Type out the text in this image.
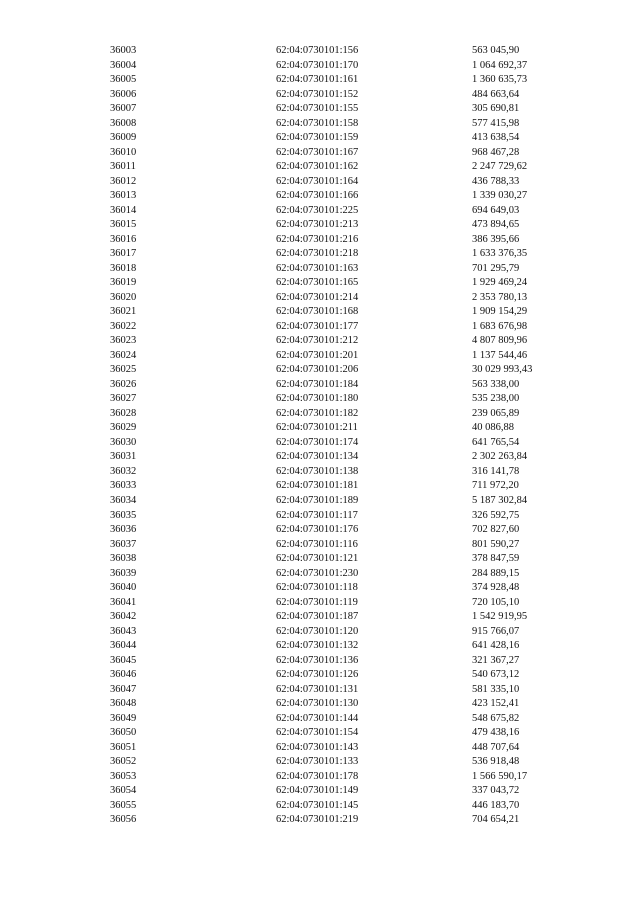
36003	62:04:0730101:156	563 045,90
36004	62:04:0730101:170	1 064 692,37
36005	62:04:0730101:161	1 360 635,73
36006	62:04:0730101:152	484 663,64
36007	62:04:0730101:155	305 690,81
36008	62:04:0730101:158	577 415,98
36009	62:04:0730101:159	413 638,54
36010	62:04:0730101:167	968 467,28
36011	62:04:0730101:162	2 247 729,62
36012	62:04:0730101:164	436 788,33
36013	62:04:0730101:166	1 339 030,27
36014	62:04:0730101:225	694 649,03
36015	62:04:0730101:213	473 894,65
36016	62:04:0730101:216	386 395,66
36017	62:04:0730101:218	1 633 376,35
36018	62:04:0730101:163	701 295,79
36019	62:04:0730101:165	1 929 469,24
36020	62:04:0730101:214	2 353 780,13
36021	62:04:0730101:168	1 909 154,29
36022	62:04:0730101:177	1 683 676,98
36023	62:04:0730101:212	4 807 809,96
36024	62:04:0730101:201	1 137 544,46
36025	62:04:0730101:206	30 029 993,43
36026	62:04:0730101:184	563 338,00
36027	62:04:0730101:180	535 238,00
36028	62:04:0730101:182	239 065,89
36029	62:04:0730101:211	40 086,88
36030	62:04:0730101:174	641 765,54
36031	62:04:0730101:134	2 302 263,84
36032	62:04:0730101:138	316 141,78
36033	62:04:0730101:181	711 972,20
36034	62:04:0730101:189	5 187 302,84
36035	62:04:0730101:117	326 592,75
36036	62:04:0730101:176	702 827,60
36037	62:04:0730101:116	801 590,27
36038	62:04:0730101:121	378 847,59
36039	62:04:0730101:230	284 889,15
36040	62:04:0730101:118	374 928,48
36041	62:04:0730101:119	720 105,10
36042	62:04:0730101:187	1 542 919,95
36043	62:04:0730101:120	915 766,07
36044	62:04:0730101:132	641 428,16
36045	62:04:0730101:136	321 367,27
36046	62:04:0730101:126	540 673,12
36047	62:04:0730101:131	581 335,10
36048	62:04:0730101:130	423 152,41
36049	62:04:0730101:144	548 675,82
36050	62:04:0730101:154	479 438,16
36051	62:04:0730101:143	448 707,64
36052	62:04:0730101:133	536 918,48
36053	62:04:0730101:178	1 566 590,17
36054	62:04:0730101:149	337 043,72
36055	62:04:0730101:145	446 183,70
36056	62:04:0730101:219	704 654,21
